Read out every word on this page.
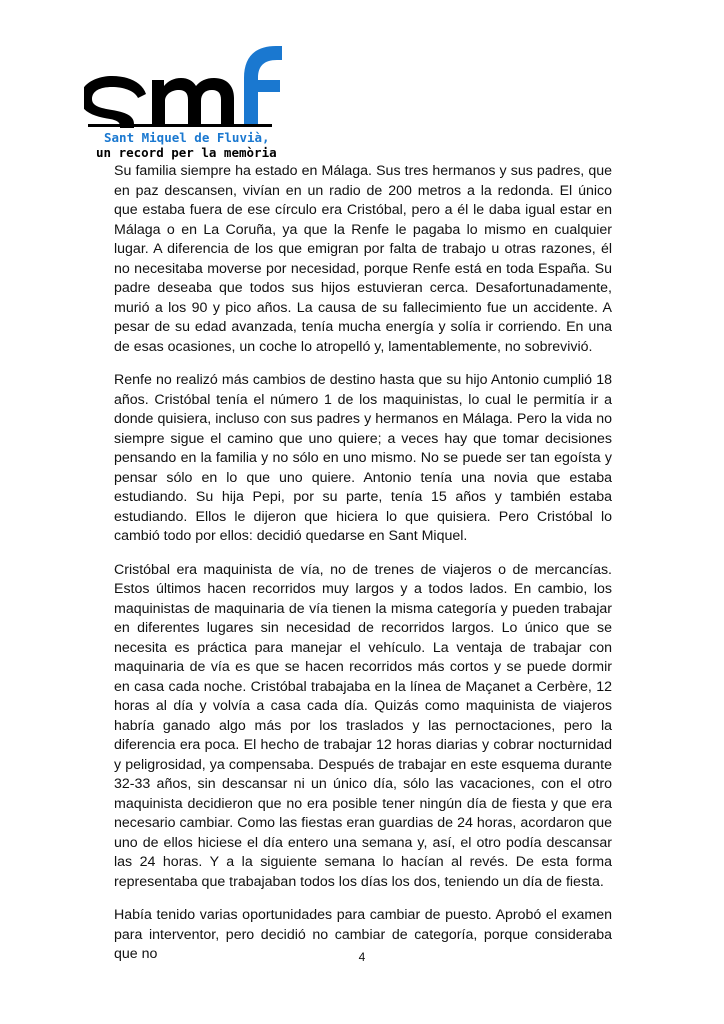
Sant Miquel de Fluvià,
un record per la memòria

Su familia siempre ha estado en Málaga. Sus tres hermanos y sus padres, que en paz descansen, vivían en un radio de 200 metros a la redonda. El único que estaba fuera de ese círculo era Cristóbal, pero a él le daba igual estar en Málaga o en La Coruña, ya que la Renfe le pagaba lo mismo en cualquier lugar. A diferencia de los que emigran por falta de trabajo u otras razones, él no necesitaba moverse por necesidad, porque Renfe está en toda España. Su padre deseaba que todos sus hijos estuvieran cerca. Desafortunadamente, murió a los 90 y pico años. La causa de su fallecimiento fue un accidente. A pesar de su edad avanzada, tenía mucha energía y solía ir corriendo. En una de esas ocasiones, un coche lo atropelló y, lamentablemente, no sobrevivió.

Renfe no realizó más cambios de destino hasta que su hijo Antonio cumplió 18 años. Cristóbal tenía el número 1 de los maquinistas, lo cual le permitía ir a donde quisiera, incluso con sus padres y hermanos en Málaga. Pero la vida no siempre sigue el camino que uno quiere; a veces hay que tomar decisiones pensando en la familia y no sólo en uno mismo. No se puede ser tan egoísta y pensar sólo en lo que uno quiere. Antonio tenía una novia que estaba estudiando. Su hija Pepi, por su parte, tenía 15 años y también estaba estudiando. Ellos le dijeron que hiciera lo que quisiera. Pero Cristóbal lo cambió todo por ellos: decidió quedarse en Sant Miquel.

Cristóbal era maquinista de vía, no de trenes de viajeros o de mercancías. Estos últimos hacen recorridos muy largos y a todos lados. En cambio, los maquinistas de maquinaria de vía tienen la misma categoría y pueden trabajar en diferentes lugares sin necesidad de recorridos largos. Lo único que se necesita es práctica para manejar el vehículo. La ventaja de trabajar con maquinaria de vía es que se hacen recorridos más cortos y se puede dormir en casa cada noche. Cristóbal trabajaba en la línea de Maçanet a Cerbère, 12 horas al día y volvía a casa cada día. Quizás como maquinista de viajeros habría ganado algo más por los traslados y las pernoctaciones, pero la diferencia era poca. El hecho de trabajar 12 horas diarias y cobrar nocturnidad y peligrosidad, ya compensaba. Después de trabajar en este esquema durante 32-33 años, sin descansar ni un único día, sólo las vacaciones, con el otro maquinista decidieron que no era posible tener ningún día de fiesta y que era necesario cambiar. Como las fiestas eran guardias de 24 horas, acordaron que uno de ellos hiciese el día entero una semana y, así, el otro podía descansar las 24 horas. Y a la siguiente semana lo hacían al revés. De esta forma representaba que trabajaban todos los días los dos, teniendo un día de fiesta.

Había tenido varias oportunidades para cambiar de puesto. Aprobó el examen para interventor, pero decidió no cambiar de categoría, porque consideraba que no	4
